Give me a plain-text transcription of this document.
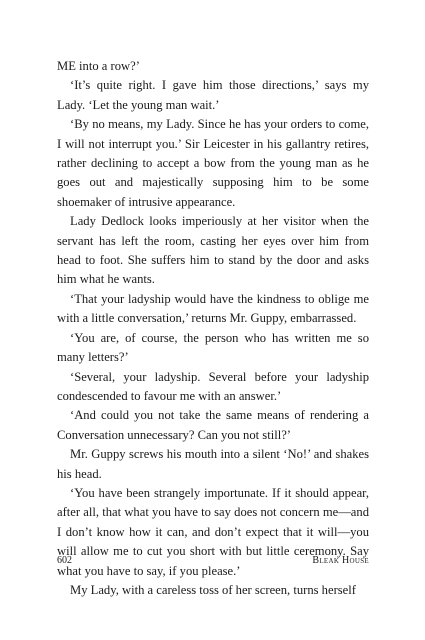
ME into a row?’

‘It’s quite right. I gave him those directions,’ says my Lady. ‘Let the young man wait.’

‘By no means, my Lady. Since he has your orders to come, I will not interrupt you.’ Sir Leicester in his gallantry retires, rather declining to accept a bow from the young man as he goes out and majestically supposing him to be some shoemaker of intrusive appearance.

Lady Dedlock looks imperiously at her visitor when the servant has left the room, casting her eyes over him from head to foot. She suffers him to stand by the door and asks him what he wants.

‘That your ladyship would have the kindness to oblige me with a little conversation,’ returns Mr. Guppy, embarrassed.

‘You are, of course, the person who has written me so many letters?’

‘Several, your ladyship. Several before your ladyship condescended to favour me with an answer.’

‘And could you not take the same means of rendering a Conversation unnecessary? Can you not still?’

Mr. Guppy screws his mouth into a silent ‘No!’ and shakes his head.

‘You have been strangely importunate. If it should appear, after all, that what you have to say does not concern me—and I don’t know how it can, and don’t expect that it will—you will allow me to cut you short with but little ceremony. Say what you have to say, if you please.’

My Lady, with a careless toss of her screen, turns herself

602	Bleak House
